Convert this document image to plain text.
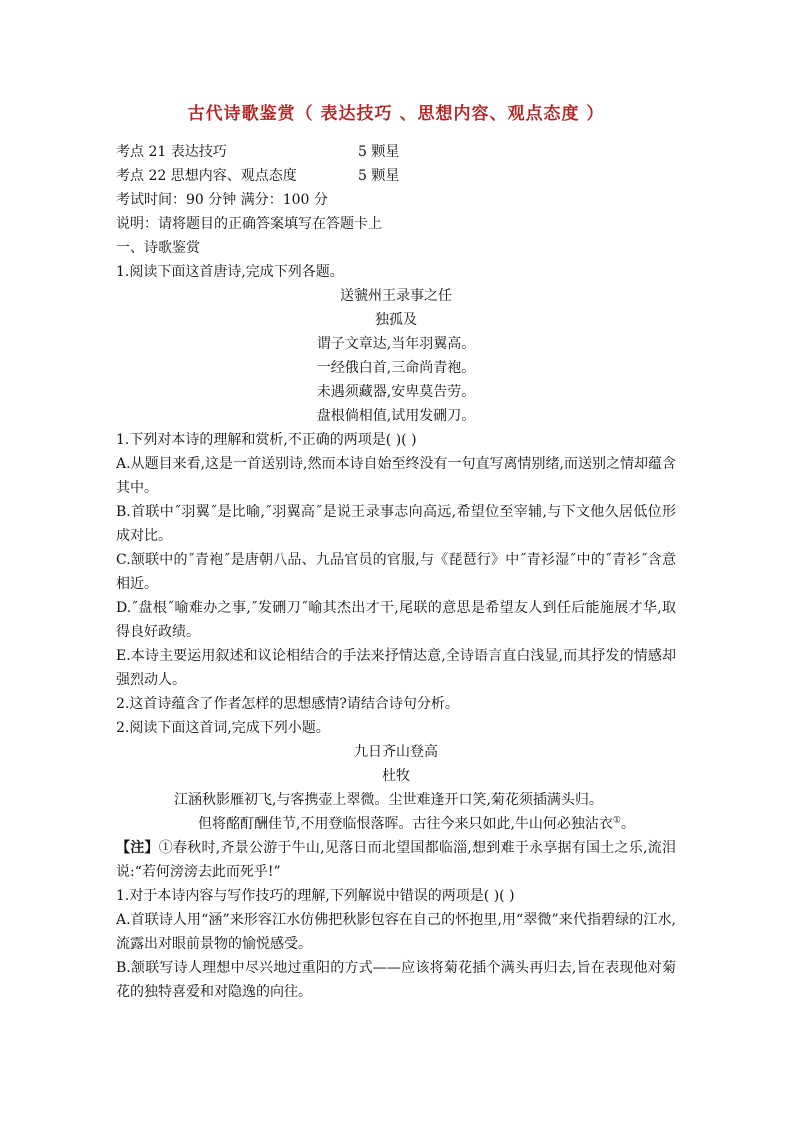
古代诗歌鉴赏（ 表达技巧 、思想内容、观点态度 ）
考点 21 表达技巧	5 颗星
考点 22 思想内容、观点态度	5 颗星

考试时间：90 分钟 满分：100 分

说明：请将题目的正确答案填写在答题卡上

一、诗歌鉴赏

1.阅读下面这首唐诗,完成下列各题。

送虢州王录事之任

独孤及

谓子文章达,当年羽翼高。

一经俄白首,三命尚青袍。

未遇须藏器,安卑莫告劳。

盘根倘相值,试用发硎刀。

1.下列对本诗的理解和赏析,不正确的两项是( )( )

A.从题目来看,这是一首送别诗,然而本诗自始至终没有一句直写离情别绪,而送别之情却蕴含其中。

B.首联中˝羽翼˝是比喻,˝羽翼高˝是说王录事志向高远,希望位至宰辅,与下文他久居低位形成对比。

C.颔联中的˝青袍˝是唐朝八品、九品官员的官服,与《琵琶行》中˝青衫湿˝中的˝青衫˝含意相近。

D.˝盘根˝喻难办之事,˝发硎刀˝喻其杰出才干,尾联的意思是希望友人到任后能施展才华,取得良好政绩。

E.本诗主要运用叙述和议论相结合的手法来抒情达意,全诗语言直白浅显,而其抒发的情感却强烈动人。

2.这首诗蕴含了作者怎样的思想感情?请结合诗句分析。

2.阅读下面这首词,完成下列小题。

九日齐山登高

杜牧

江涵秋影雁初飞,与客携壶上翠微。尘世难逢开口笑,菊花须插满头归。

但将酩酊酬佳节,不用登临恨落晖。古往今来只如此,牛山何必独沾衣①。

【注】①春秋时,齐景公游于牛山,见落日而北望国都临淄,想到难于永享据有国土之乐,流泪说:“若何滂滂去此而死乎!”

1.对于本诗内容与写作技巧的理解,下列解说中错误的两项是( )( )

A.首联诗人用“涵”来形容江水仿佛把秋影包容在自己的怀抱里,用“翠微”来代指碧绿的江水,流露出对眼前景物的愉悦感受。

B.颔联写诗人理想中尽兴地过重阳的方式——应该将菊花插个满头再归去,旨在表现他对菊花的独特喜爱和对隐逸的向往。
